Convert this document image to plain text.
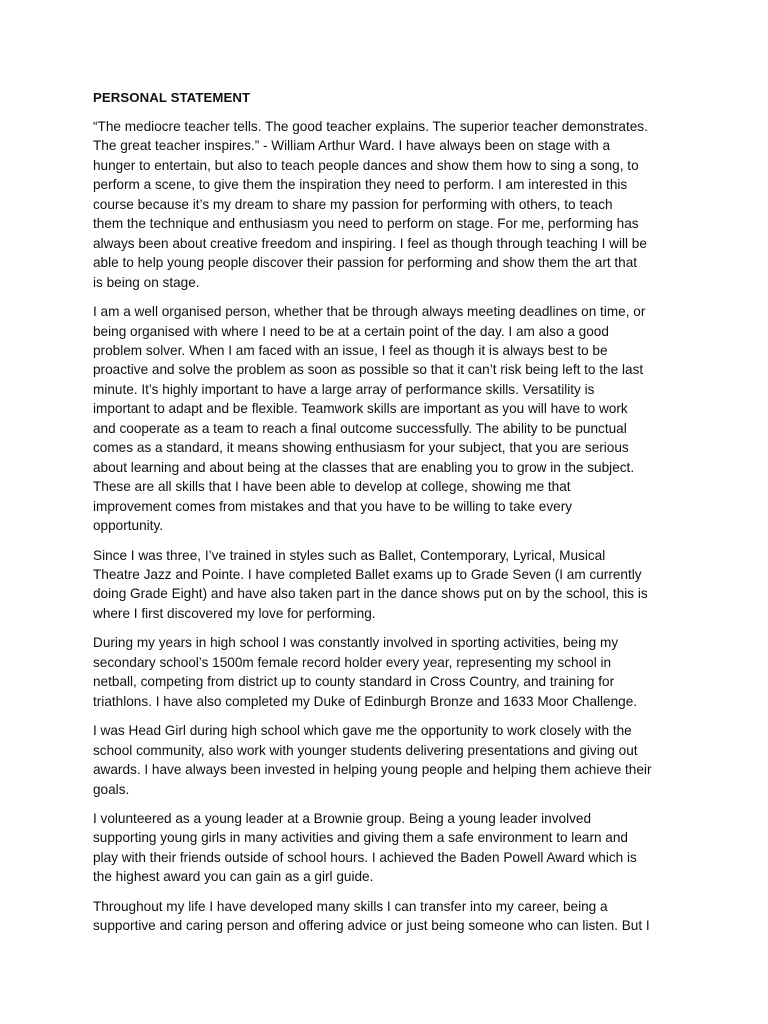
PERSONAL STATEMENT
“The mediocre teacher tells. The good teacher explains. The superior teacher demonstrates.
The great teacher inspires.” - William Arthur Ward. I have always been on stage with a
hunger to entertain, but also to teach people dances and show them how to sing a song, to
perform a scene, to give them the inspiration they need to perform. I am interested in this
course because it’s my dream to share my passion for performing with others, to teach
them the technique and enthusiasm you need to perform on stage. For me, performing has
always been about creative freedom and inspiring. I feel as though through teaching I will be
able to help young people discover their passion for performing and show them the art that
is being on stage.
I am a well organised person, whether that be through always meeting deadlines on time, or
being organised with where I need to be at a certain point of the day. I am also a good
problem solver. When I am faced with an issue, I feel as though it is always best to be
proactive and solve the problem as soon as possible so that it can’t risk being left to the last
minute. It’s highly important to have a large array of performance skills. Versatility is
important to adapt and be flexible. Teamwork skills are important as you will have to work
and cooperate as a team to reach a final outcome successfully. The ability to be punctual
comes as a standard, it means showing enthusiasm for your subject, that you are serious
about learning and about being at the classes that are enabling you to grow in the subject.
These are all skills that I have been able to develop at college, showing me that
improvement comes from mistakes and that you have to be willing to take every
opportunity.
Since I was three, I’ve trained in styles such as Ballet, Contemporary, Lyrical, Musical
Theatre Jazz and Pointe. I have completed Ballet exams up to Grade Seven (I am currently
doing Grade Eight) and have also taken part in the dance shows put on by the school, this is
where I first discovered my love for performing.
During my years in high school I was constantly involved in sporting activities, being my
secondary school’s 1500m female record holder every year, representing my school in
netball, competing from district up to county standard in Cross Country, and training for
triathlons. I have also completed my Duke of Edinburgh Bronze and 1633 Moor Challenge.
I was Head Girl during high school which gave me the opportunity to work closely with the
school community, also work with younger students delivering presentations and giving out
awards. I have always been invested in helping young people and helping them achieve their
goals.
I volunteered as a young leader at a Brownie group. Being a young leader involved
supporting young girls in many activities and giving them a safe environment to learn and
play with their friends outside of school hours. I achieved the Baden Powell Award which is
the highest award you can gain as a girl guide.
Throughout my life I have developed many skills I can transfer into my career, being a
supportive and caring person and offering advice or just being someone who can listen. But I
